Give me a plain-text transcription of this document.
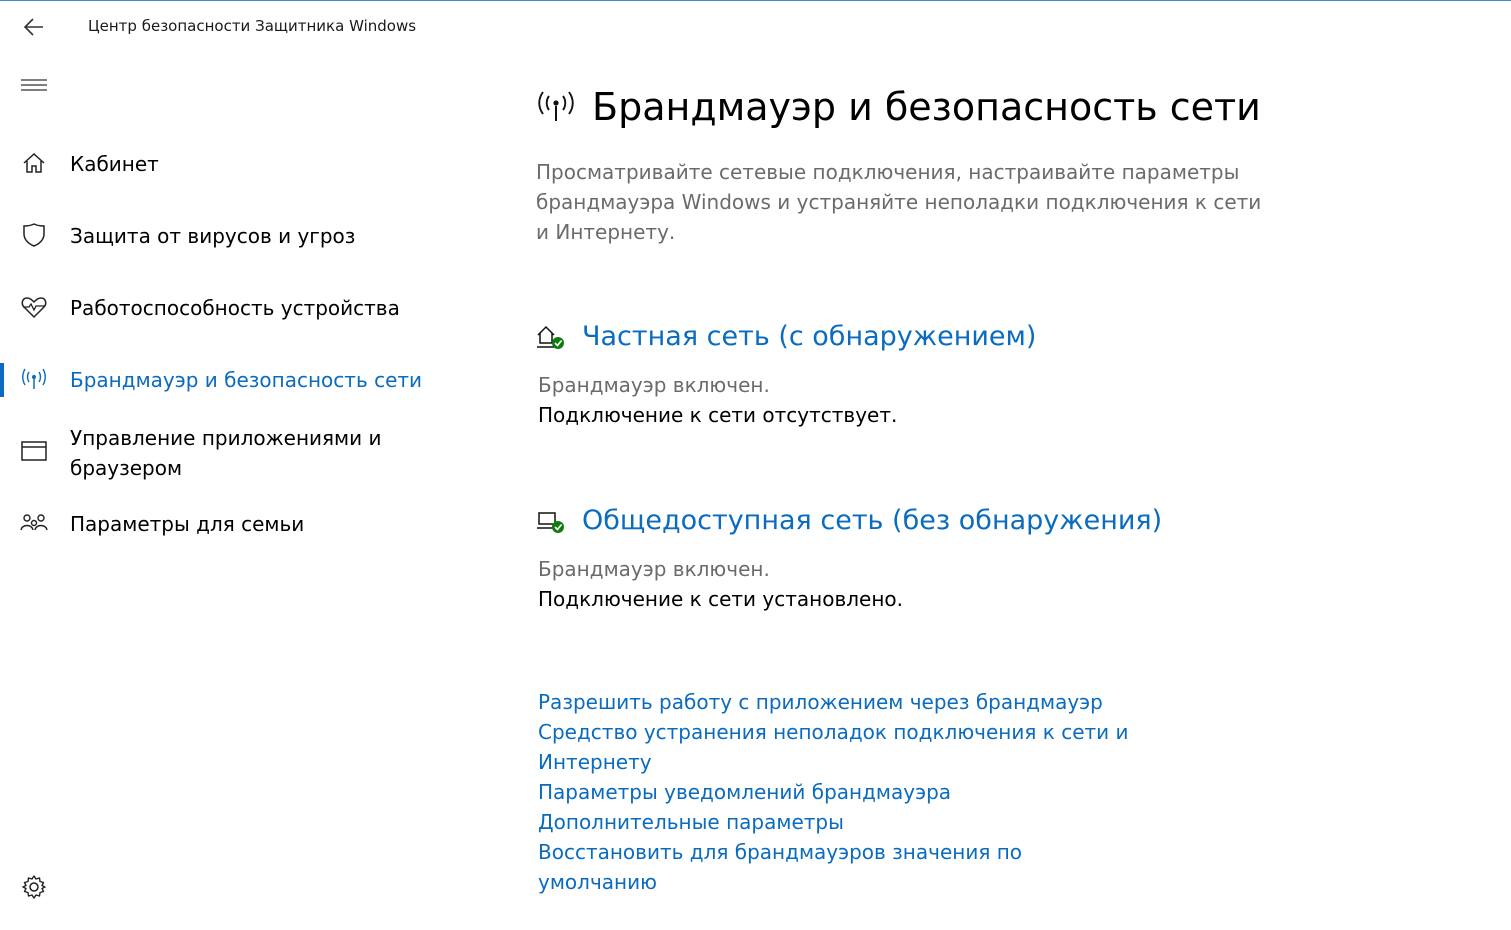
Центр безопасности Защитника Windows
Кабинет
Защита от вирусов и угроз
Работоспособность устройства
Брандмауэр и безопасность сети
Управление приложениями и браузером
Параметры для семьи
Брандмауэр и безопасность сети
Просматривайте сетевые подключения, настраивайте параметры брандмауэра Windows и устраняйте неполадки подключения к сети и Интернету.
Частная сеть (с обнаружением)
Брандмауэр включен.
Подключение к сети отсутствует.
Общедоступная сеть (без обнаружения)
Брандмауэр включен.
Подключение к сети установлено.
Разрешить работу с приложением через брандмауэр
Средство устранения неполадок подключения к сети и Интернету
Параметры уведомлений брандмауэра
Дополнительные параметры
Восстановить для брандмауэров значения по умолчанию
